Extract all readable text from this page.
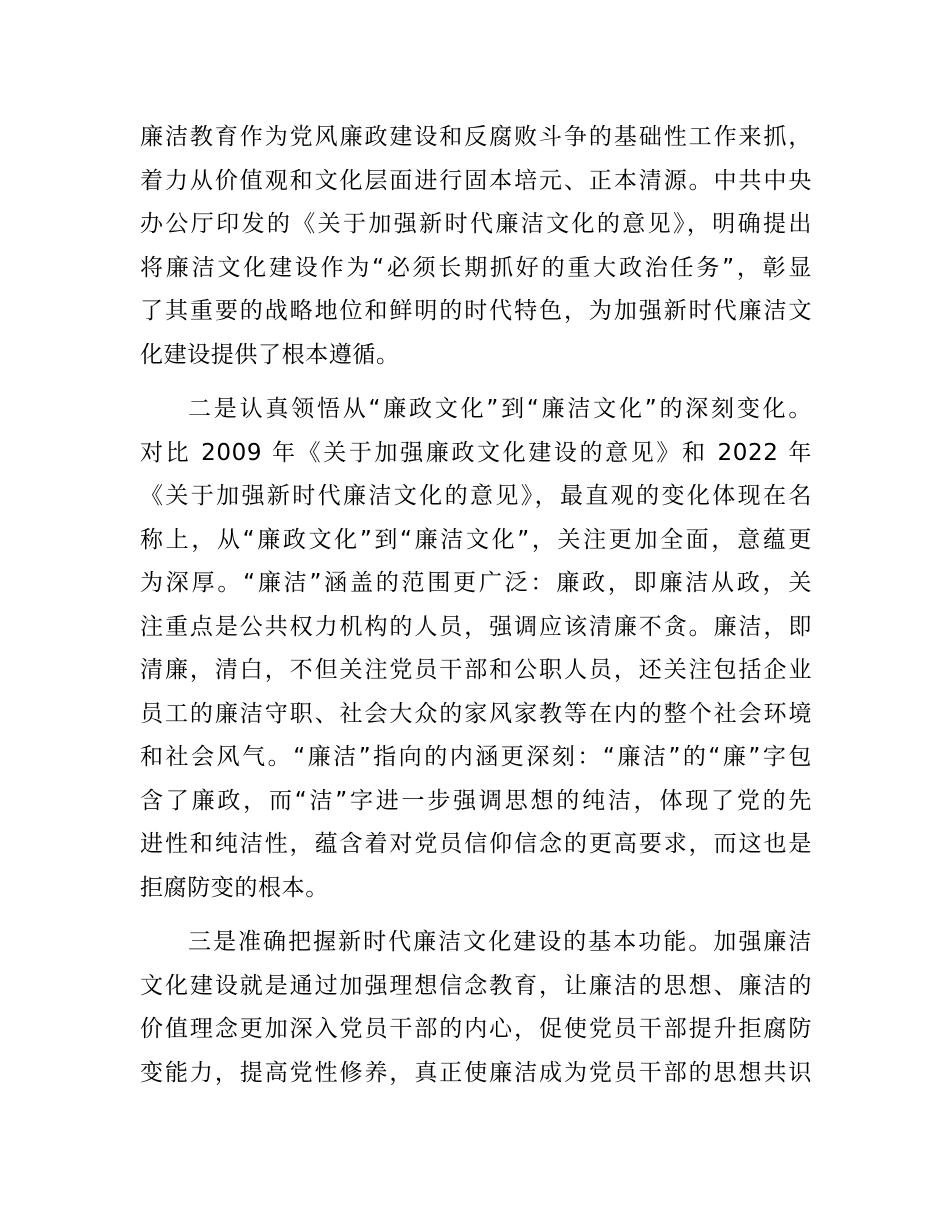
廉洁教育作为党风廉政建设和反腐败斗争的基础性工作来抓，
着力从价值观和文化层面进行固本培元、正本清源。中共中央
办公厅印发的《关于加强新时代廉洁文化的意见》，明确提出
将廉洁文化建设作为“必须长期抓好的重大政治任务”，彰显
了其重要的战略地位和鲜明的时代特色，为加强新时代廉洁文
化建设提供了根本遵循。
二是认真领悟从“廉政文化”到“廉洁文化”的深刻变化。
对比 2009 年《关于加强廉政文化建设的意见》和 2022 年
《关于加强新时代廉洁文化的意见》，最直观的变化体现在名
称上，从“廉政文化”到“廉洁文化”，关注更加全面，意蕴更
为深厚。“廉洁”涵盖的范围更广泛：廉政，即廉洁从政，关
注重点是公共权力机构的人员，强调应该清廉不贪。廉洁，即
清廉，清白，不但关注党员干部和公职人员，还关注包括企业
员工的廉洁守职、社会大众的家风家教等在内的整个社会环境
和社会风气。“廉洁”指向的内涵更深刻：“廉洁”的“廉”字包
含了廉政，而“洁”字进一步强调思想的纯洁，体现了党的先
进性和纯洁性，蕴含着对党员信仰信念的更高要求，而这也是
拒腐防变的根本。
三是准确把握新时代廉洁文化建设的基本功能。加强廉洁
文化建设就是通过加强理想信念教育，让廉洁的思想、廉洁的
价值理念更加深入党员干部的内心，促使党员干部提升拒腐防
变能力，提高党性修养，真正使廉洁成为党员干部的思想共识
